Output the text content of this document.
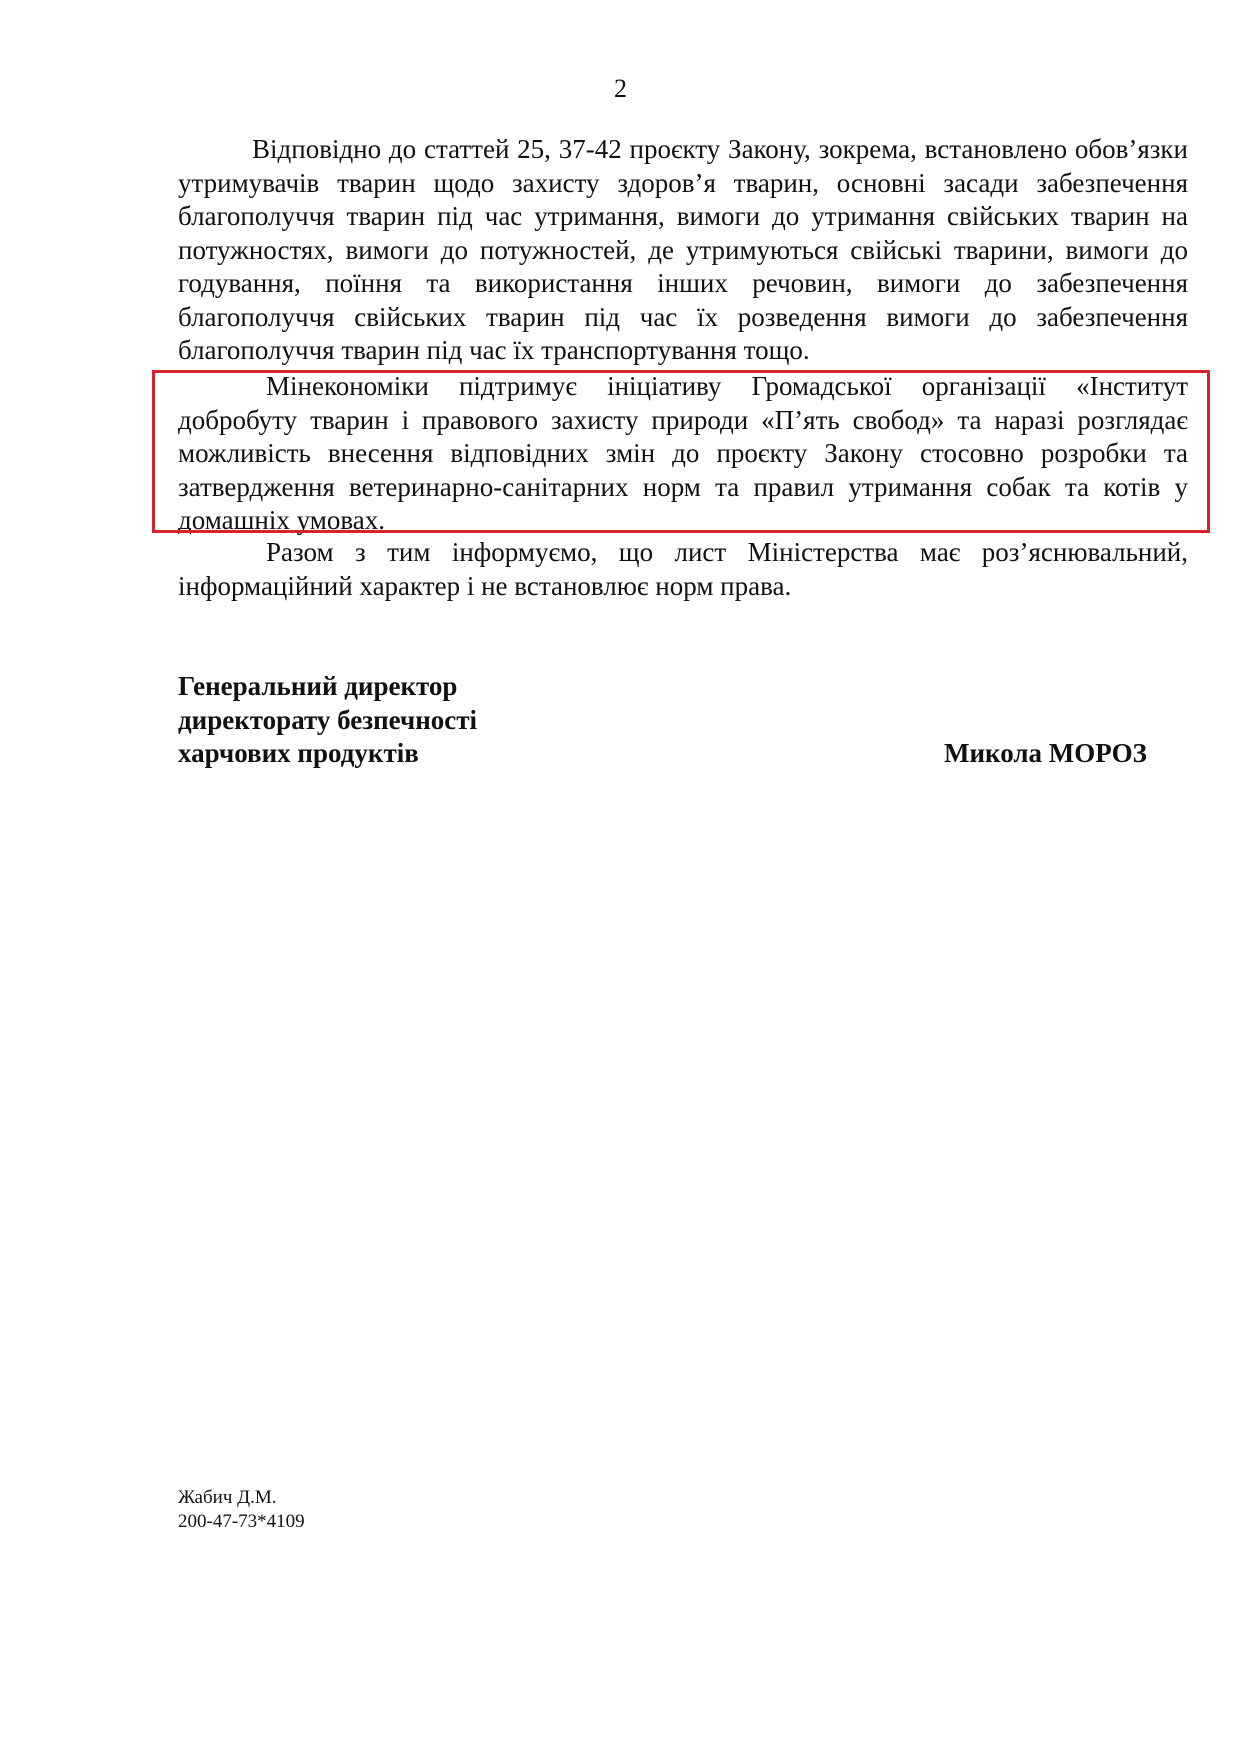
2

Відповідно до статтей 25, 37-42 проєкту Закону, зокрема, встановлено обов’язки утримувачів тварин щодо захисту здоров’я тварин, основні засади забезпечення благополуччя тварин під час утримання, вимоги до утримання свійських тварин на потужностях, вимоги до потужностей, де утримуються свійські тварини, вимоги до годування, поїння та використання інших речовин, вимоги до забезпечення благополуччя свійських тварин під час їх розведення вимоги до забезпечення благополуччя тварин під час їх транспортування тощо.

Мінекономіки підтримує ініціативу Громадської організації «Інститут добробуту тварин і правового захисту природи «П’ять свобод» та наразі розглядає можливість внесення відповідних змін до проєкту Закону стосовно розробки та затвердження ветеринарно-санітарних норм та правил утримання собак та котів у домашніх умовах.

Разом з тим інформуємо, що лист Міністерства має роз’яснювальний, інформаційний характер і не встановлює норм права.

Генеральний директор
директорату безпечності
харчових продуктів	Микола МОРОЗ
Жабич Д.М.
200-47-73*4109
